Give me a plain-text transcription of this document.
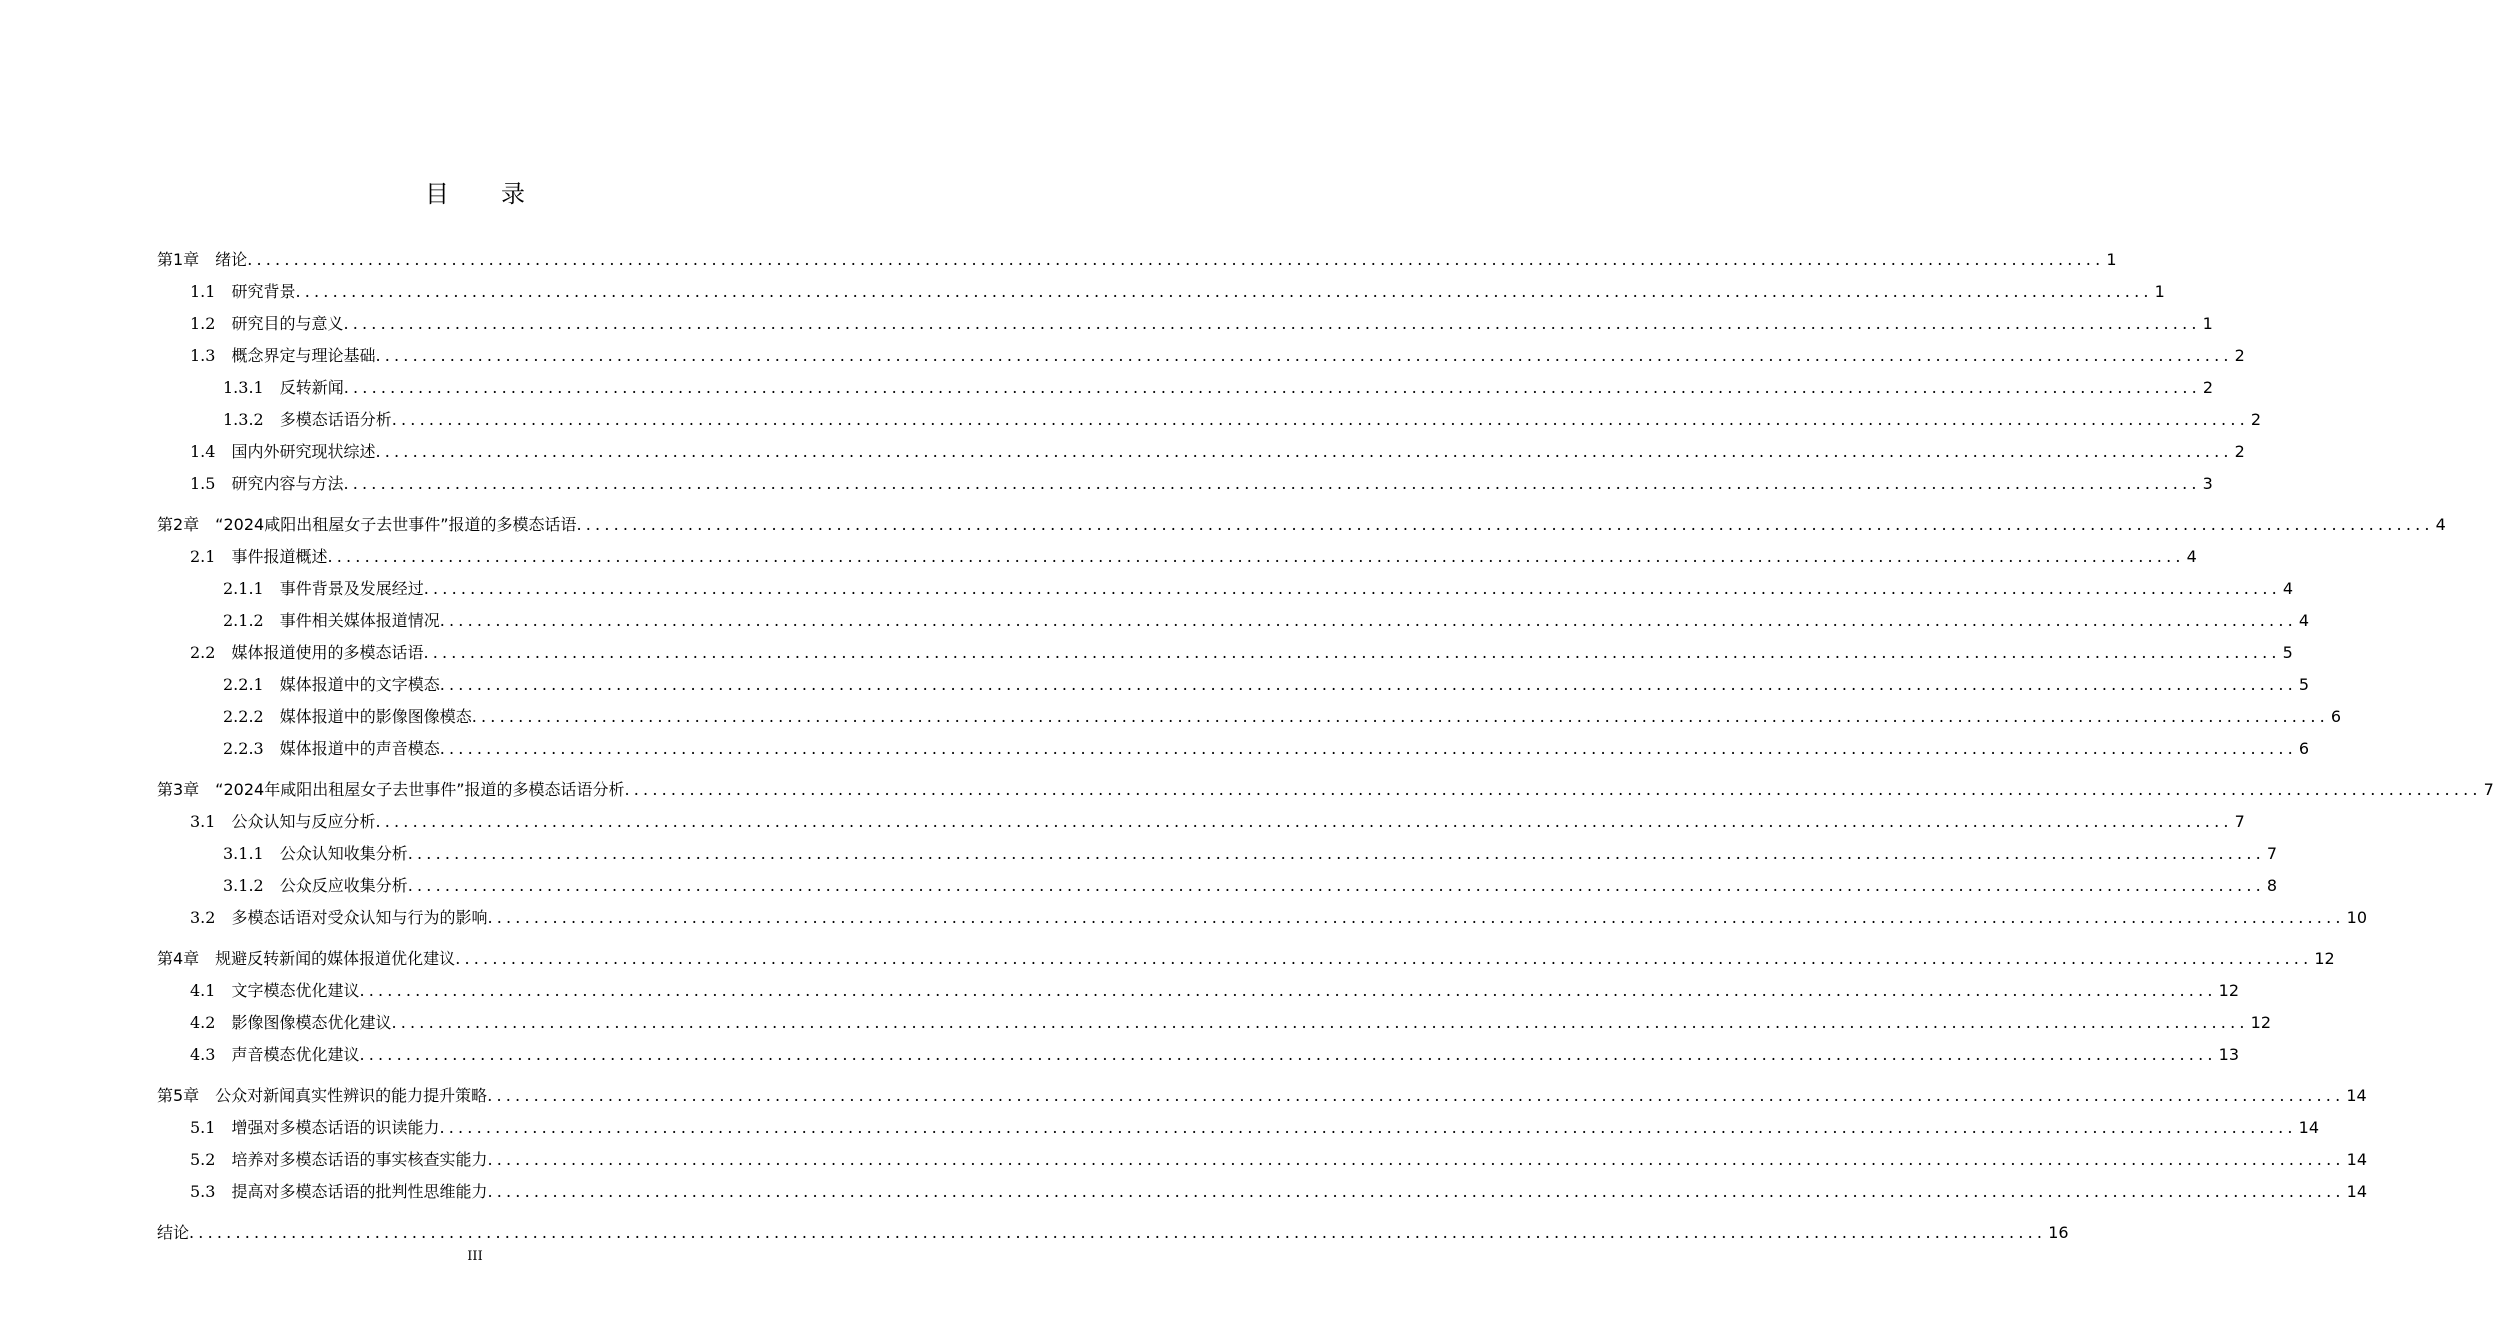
目录
第1章　绪论 ........................................................................................................................................................................................................ 1
1.1　研究背景 ........................................................................................................................................................................................................ 1
1.2　研究目的与意义 ........................................................................................................................................................................................................ 1
1.3　概念界定与理论基础 ........................................................................................................................................................................................................ 2
1.3.1　反转新闻 ........................................................................................................................................................................................................ 2
1.3.2　多模态话语分析 ........................................................................................................................................................................................................ 2
1.4　国内外研究现状综述 ........................................................................................................................................................................................................ 2
1.5　研究内容与方法 ........................................................................................................................................................................................................ 3
第2章　“2024咸阳出租屋女子去世事件”报道的多模态话语 ........................................................................................................................................................................................................ 4
2.1　事件报道概述 ........................................................................................................................................................................................................ 4
2.1.1　事件背景及发展经过 ........................................................................................................................................................................................................ 4
2.1.2　事件相关媒体报道情况 ........................................................................................................................................................................................................ 4
2.2　媒体报道使用的多模态话语 ........................................................................................................................................................................................................ 5
2.2.1　媒体报道中的文字模态 ........................................................................................................................................................................................................ 5
2.2.2　媒体报道中的影像图像模态 ........................................................................................................................................................................................................ 6
2.2.3　媒体报道中的声音模态 ........................................................................................................................................................................................................ 6
第3章　“2024年咸阳出租屋女子去世事件”报道的多模态话语分析 ........................................................................................................................................................................................................ 7
3.1　公众认知与反应分析 ........................................................................................................................................................................................................ 7
3.1.1　公众认知收集分析 ........................................................................................................................................................................................................ 7
3.1.2　公众反应收集分析 ........................................................................................................................................................................................................ 8
3.2　多模态话语对受众认知与行为的影响 ........................................................................................................................................................................................................ 10
第4章　规避反转新闻的媒体报道优化建议 ........................................................................................................................................................................................................ 12
4.1　文字模态优化建议 ........................................................................................................................................................................................................ 12
4.2　影像图像模态优化建议 ........................................................................................................................................................................................................ 12
4.3　声音模态优化建议 ........................................................................................................................................................................................................ 13
第5章　公众对新闻真实性辨识的能力提升策略 ........................................................................................................................................................................................................ 14
5.1　增强对多模态话语的识读能力 ........................................................................................................................................................................................................ 14
5.2　培养对多模态话语的事实核查实能力 ........................................................................................................................................................................................................ 14
5.3　提高对多模态话语的批判性思维能力 ........................................................................................................................................................................................................ 14
结论 ........................................................................................................................................................................................................ 16
III
